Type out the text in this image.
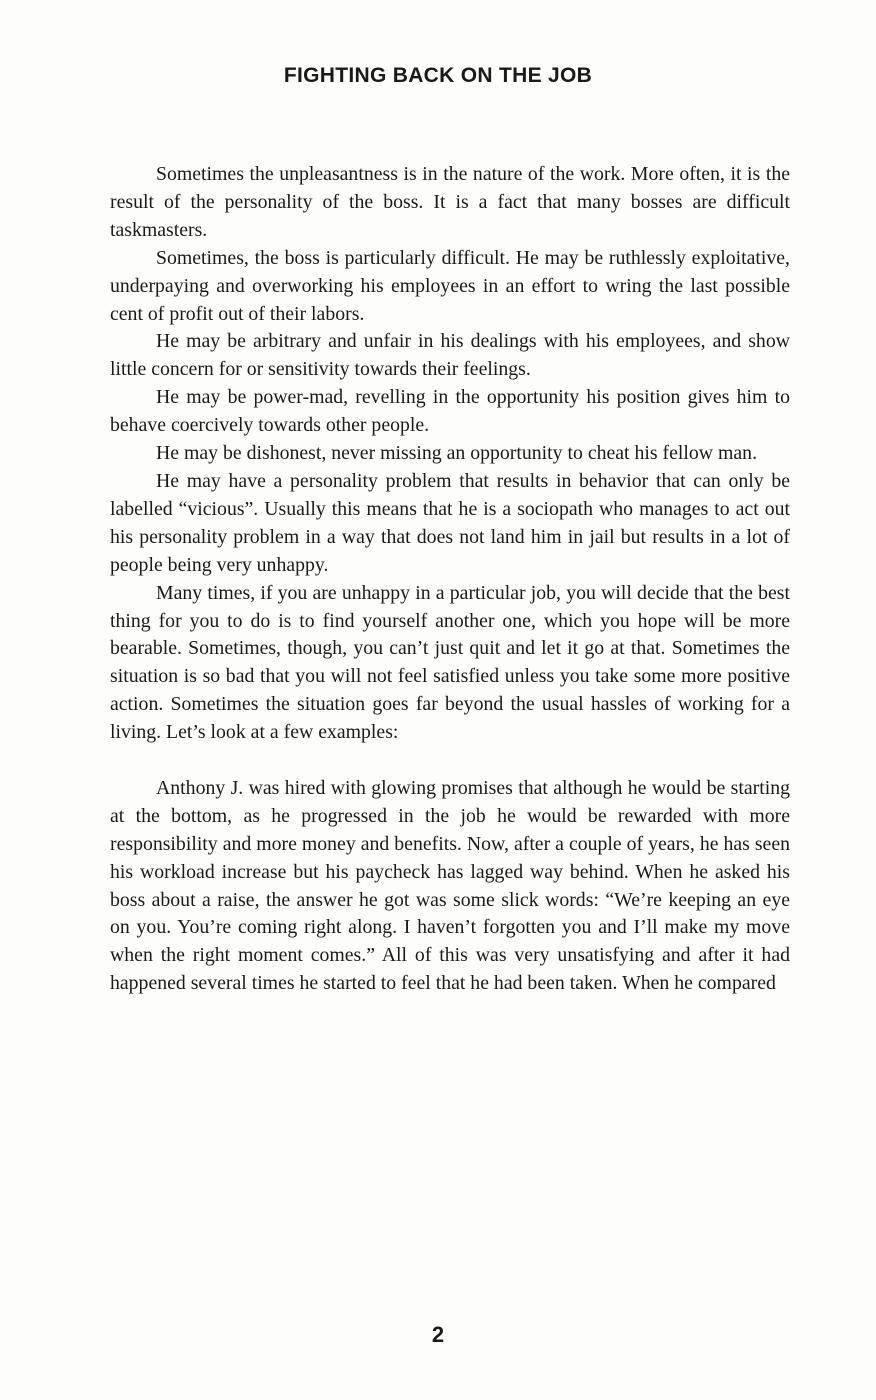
FIGHTING BACK ON THE JOB

Sometimes the unpleasantness is in the nature of the work. More often, it is the result of the personality of the boss. It is a fact that many bosses are difficult taskmasters.

Sometimes, the boss is particularly difficult. He may be ruthlessly exploitative, underpaying and overworking his employees in an effort to wring the last possible cent of profit out of their labors.

He may be arbitrary and unfair in his dealings with his employees, and show little concern for or sensitivity towards their feelings.

He may be power-mad, revelling in the opportunity his position gives him to behave coercively towards other people.

He may be dishonest, never missing an opportunity to cheat his fellow man.

He may have a personality problem that results in behavior that can only be labelled “vicious”. Usually this means that he is a sociopath who manages to act out his personality problem in a way that does not land him in jail but results in a lot of people being very unhappy.

Many times, if you are unhappy in a particular job, you will decide that the best thing for you to do is to find yourself another one, which you hope will be more bearable. Sometimes, though, you can’t just quit and let it go at that. Sometimes the situation is so bad that you will not feel satisfied unless you take some more positive action. Sometimes the situation goes far beyond the usual hassles of working for a living. Let’s look at a few examples:

Anthony J. was hired with glowing promises that although he would be starting at the bottom, as he progressed in the job he would be rewarded with more responsibility and more money and benefits. Now, after a couple of years, he has seen his workload increase but his paycheck has lagged way behind. When he asked his boss about a raise, the answer he got was some slick words: “We’re keeping an eye on you. You’re coming right along. I haven’t forgotten you and I’ll make my move when the right moment comes.” All of this was very unsatisfying and after it had happened several times he started to feel that he had been taken. When he compared

2
